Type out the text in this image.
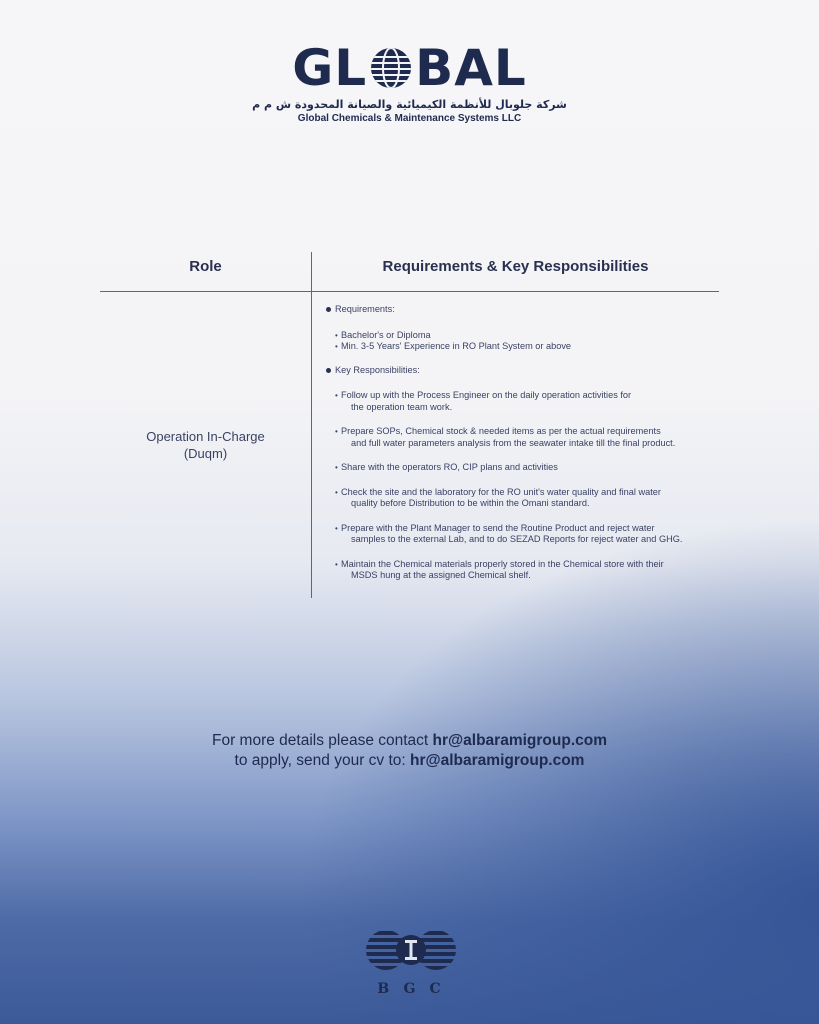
GL BAL
شركة جلوبال للأنظمة الكيميائية والصيانة المحدودة ش م م
Global Chemicals & Maintenance Systems LLC
Role	Requirements & Key Responsibilities
Operation In-Charge
(Duqm)
Requirements:
• Bachelor's or Diploma
• Min. 3-5 Years' Experience in RO Plant System or above
Key Responsibilities:
• Follow up with the Process Engineer on the daily operation activities for
the operation team work.
• Prepare SOPs, Chemical stock & needed items as per the actual requirements
and full water parameters analysis from the seawater intake till the final product.
• Share with the operators RO, CIP plans and activities
• Check the site and the laboratory for the RO unit's water quality and final water
quality before Distribution to be within the Omani standard.
• Prepare with the Plant Manager to send the Routine Product and reject water
samples to the external Lab, and to do SEZAD Reports for reject water and GHG.
• Maintain the Chemical materials properly stored in the Chemical store with their
MSDS hung at the assigned Chemical shelf.
For more details please contact hr@albaramigroup.com
to apply, send your cv to: hr@albaramigroup.com
BGC
